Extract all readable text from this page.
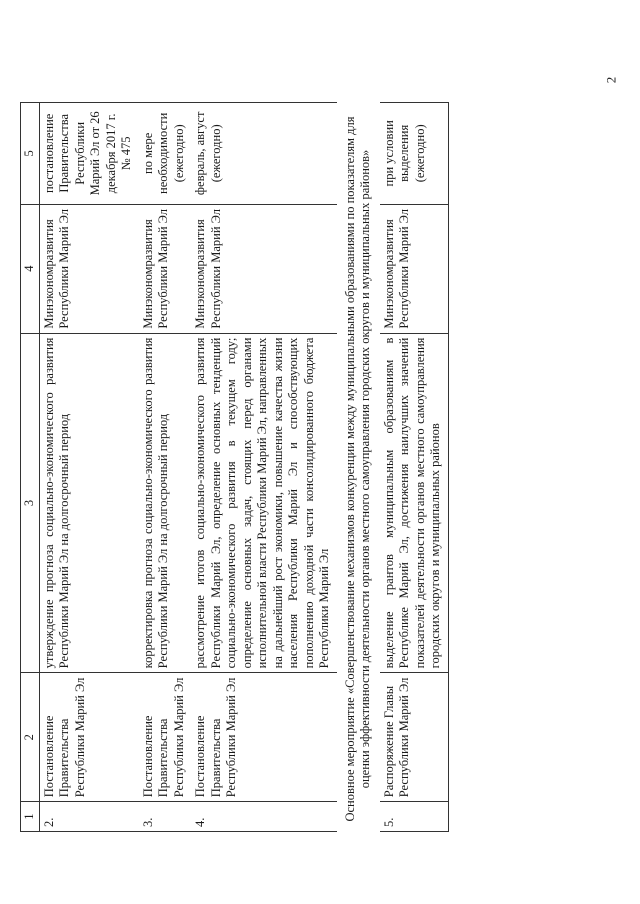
2
1	2	3	4	5
2.	Постановление Правительства Республики Марий Эл	утверждение прогноза социально-экономического развития Республики Марий Эл на долгосрочный период	Минэкономразвития Республики Марий Эл	постановление Правительства Республики Марий Эл от 26 декабря 2017 г. № 475
3.	Постановление Правительства Республики Марий Эл	корректировка прогноза социально-экономического развития Республики Марий Эл на долгосрочный период	Минэкономразвития Республики Марий Эл	по мере необходимости (ежегодно)
4.	Постановление Правительства Республики Марий Эл	рассмотрение итогов социально-экономического развития Республики Марий Эл, определение основных тенденций социально-экономического развития в текущем году; определение основных задач, стоящих перед органами исполнительной власти Республики Марий Эл, направленных на дальнейший рост экономики, повышение качества жизни населения Республики Марий Эл и способствующих пополнению доходной части консолидированного бюджета Республики Марий Эл	Минэкономразвития Республики Марий Эл	февраль, август (ежегодно)
Основное мероприятие «Совершенствование механизмов конкуренции между муниципальными образованиями по показателям для оценки эффективности деятельности органов местного самоуправления городских округов и муниципальных районов»				
5.	Распоряжение Главы Республики Марий Эл	выделение грантов муниципальным образованиям в Республике Марий Эл, достижения наилучших значений показателей деятельности органов местного самоуправления городских округов и муниципальных районов	Минэкономразвития Республики Марий Эл	при условии выделения (ежегодно)
